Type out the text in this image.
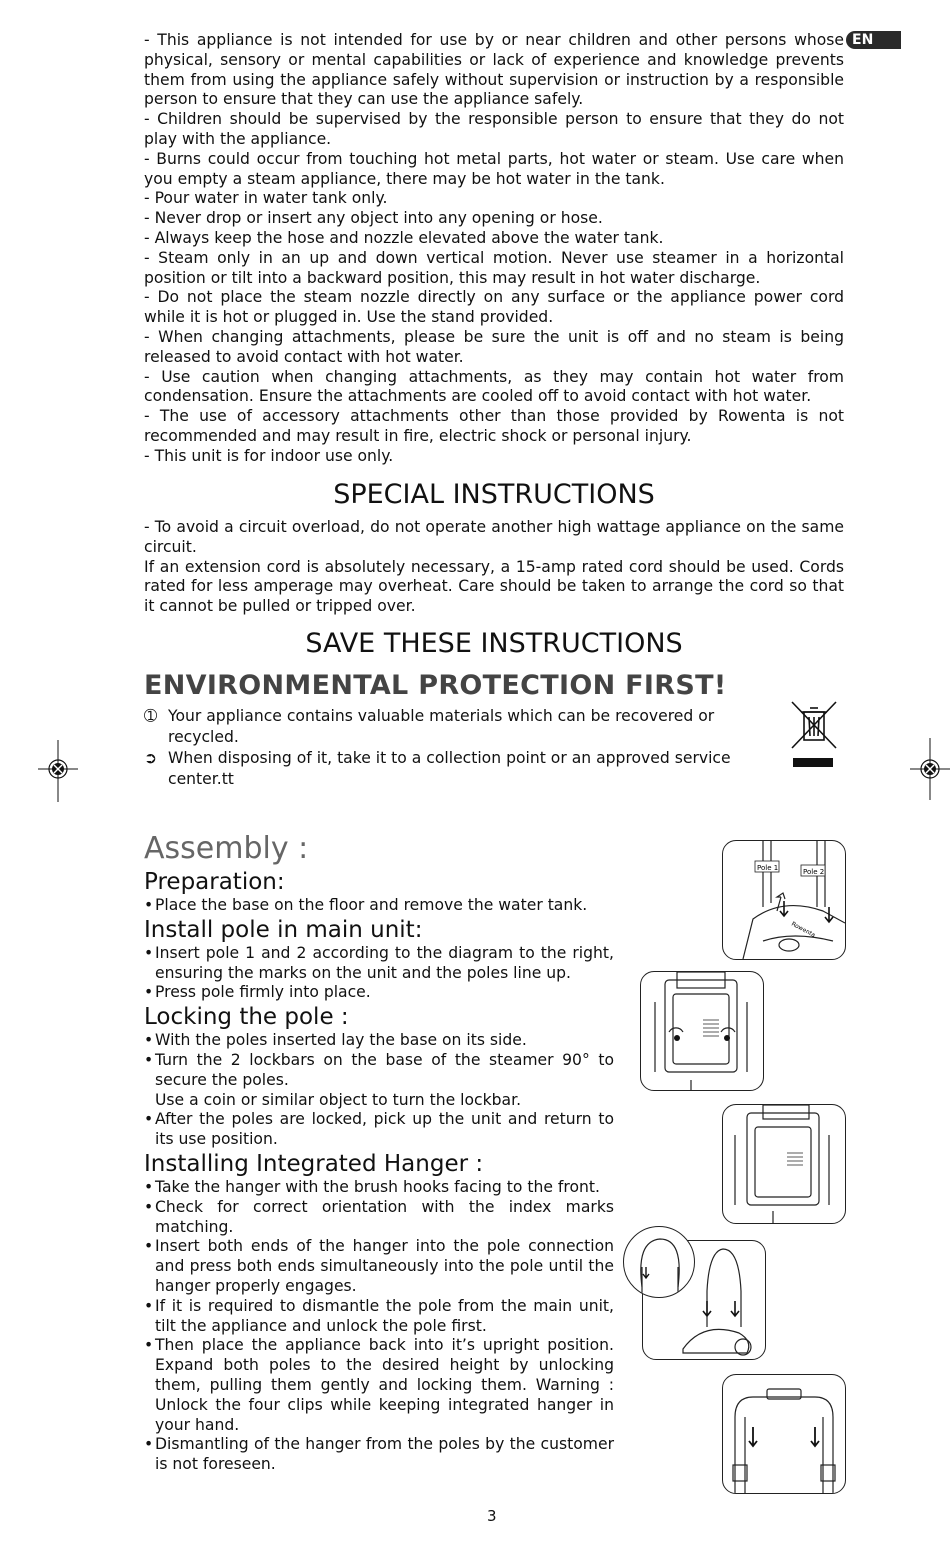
EN

- This appliance is not intended for use by or near children and other persons whose physical, sensory or mental capabilities or lack of experience and knowledge prevents them from using the appliance safely without supervision or instruction by a responsible person to ensure that they can use the appliance safely.

- Children should be supervised by the responsible person to ensure that they do not play with the appliance.

- Burns could occur from touching hot metal parts, hot water or steam. Use care when you empty a steam appliance, there may be hot water in the tank.

- Pour water in water tank only.

- Never drop or insert any object into any opening or hose.

- Always keep the hose and nozzle elevated above the water tank.

- Steam only in an up and down vertical motion. Never use steamer in a horizontal position or tilt into a backward position, this may result in hot water discharge.

- Do not place the steam nozzle directly on any surface or the appliance power cord while it is hot or plugged in. Use the stand provided.

- When changing attachments, please be sure the unit is off and no steam is being released to avoid contact with hot water.

- Use caution when changing attachments, as they may contain hot water from condensation. Ensure the attachments are cooled off to avoid contact with hot water.

- The use of accessory attachments other than those provided by Rowenta is not recommended and may result in fire, electric shock or personal injury.

- This unit is for indoor use only.

SPECIAL INSTRUCTIONS

- To avoid a circuit overload, do not operate another high wattage appliance on the same circuit.

If an extension cord is absolutely necessary, a 15-amp rated cord should be used. Cords rated for less amperage may overheat. Care should be taken to arrange the cord so that it cannot be pulled or tripped over.

SAVE THESE INSTRUCTIONS
ENVIRONMENTAL PROTECTION FIRST!
➀ Your appliance contains valuable materials which can be recovered or recycled.
➲ When disposing of it, take it to a collection point or an approved service center.tt
Assembly :
Preparation:
• Place the base on the floor and remove the water tank.
Install pole in main unit:
• Insert pole 1 and 2 according to the diagram to the right, ensuring the marks on the unit and the poles line up.
• Press pole firmly into place.
Locking the pole :
• With the poles inserted lay the base on its side.
• Turn the 2 lockbars on the base of the steamer 90° to secure the poles.
Use a coin or similar object to turn the lockbar.
• After the poles are locked, pick up the unit and return to its use position.
Installing Integrated Hanger :
• Take the hanger with the brush hooks facing to the front.
• Check for correct orientation with the index marks matching.
• Insert both ends of the hanger into the pole connection and press both ends simultaneously into the pole until the hanger properly engages.
• If it is required to dismantle the pole from the main unit, tilt the appliance and unlock the pole first.
• Then place the appliance back into it’s upright position. Expand both poles to the desired height by unlocking them, pulling them gently and locking them. Warning : Unlock the four clips while keeping integrated hanger in your hand.
• Dismantling of the hanger from the poles by the customer is not foreseen.
Pole 1	Pole 2
Rowenta
3
